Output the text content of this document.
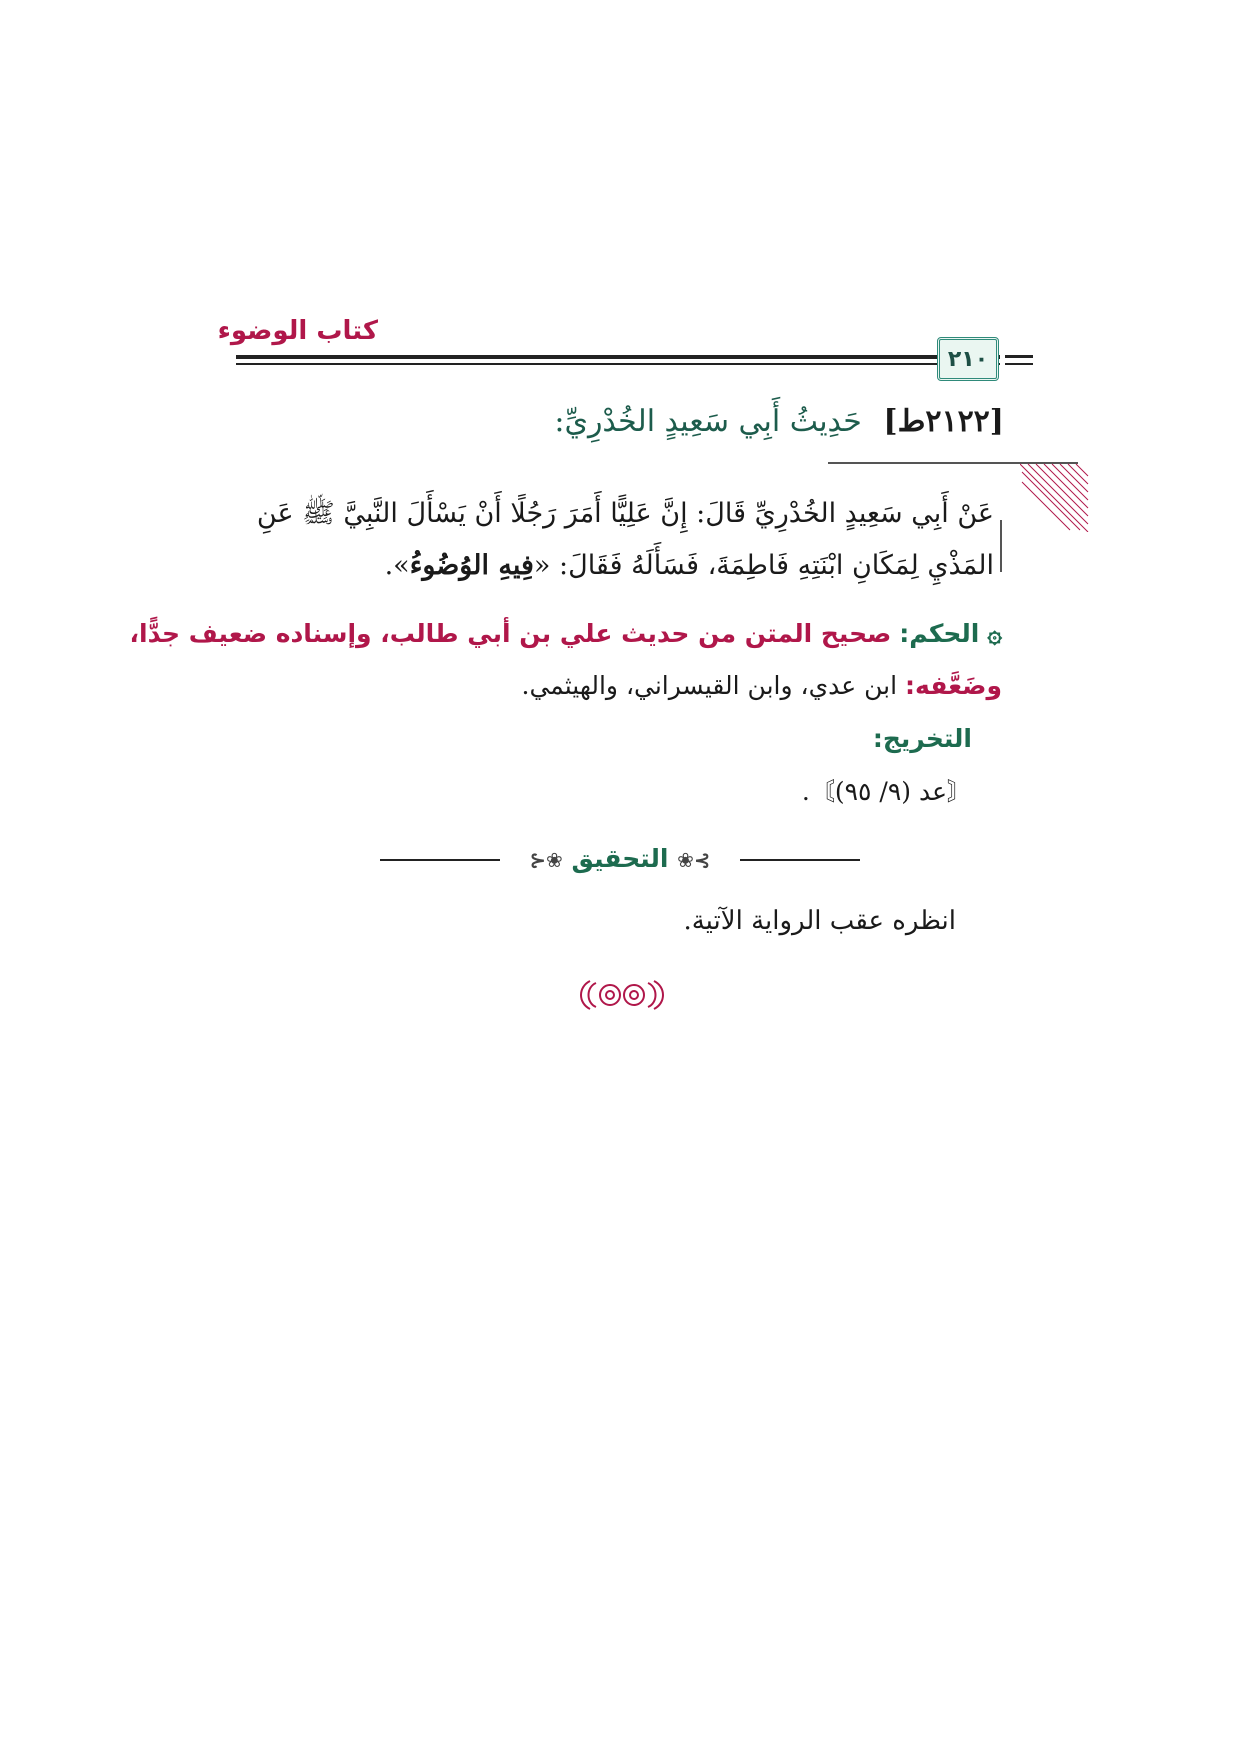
كتاب الوضوء
٢١٠
[٢١٢٢ط] حَدِيثُ أَبِي سَعِيدٍ الخُدْرِيِّ:
عَنْ أَبِي سَعِيدٍ الخُدْرِيِّ قَالَ: إِنَّ عَلِيًّا أَمَرَ رَجُلًا أَنْ يَسْأَلَ النَّبِيَّ ﷺ عَنِ
المَذْيِ لِمَكَانِ ابْنَتِهِ فَاطِمَةَ، فَسَأَلَهُ فَقَالَ: «فِيهِ الوُضُوءُ».
۞ الحكم: صحيح المتن من حديث علي بن أبي طالب، وإسناده ضعيف جدًّا،
وضَعَّفه: ابن عدي، وابن القيسراني، والهيثمي.
التخريج:
〘عد (٩/ ٩٥)〙.
⊱❀ التحقيق ❀⊰
انظره عقب الرواية الآتية.
